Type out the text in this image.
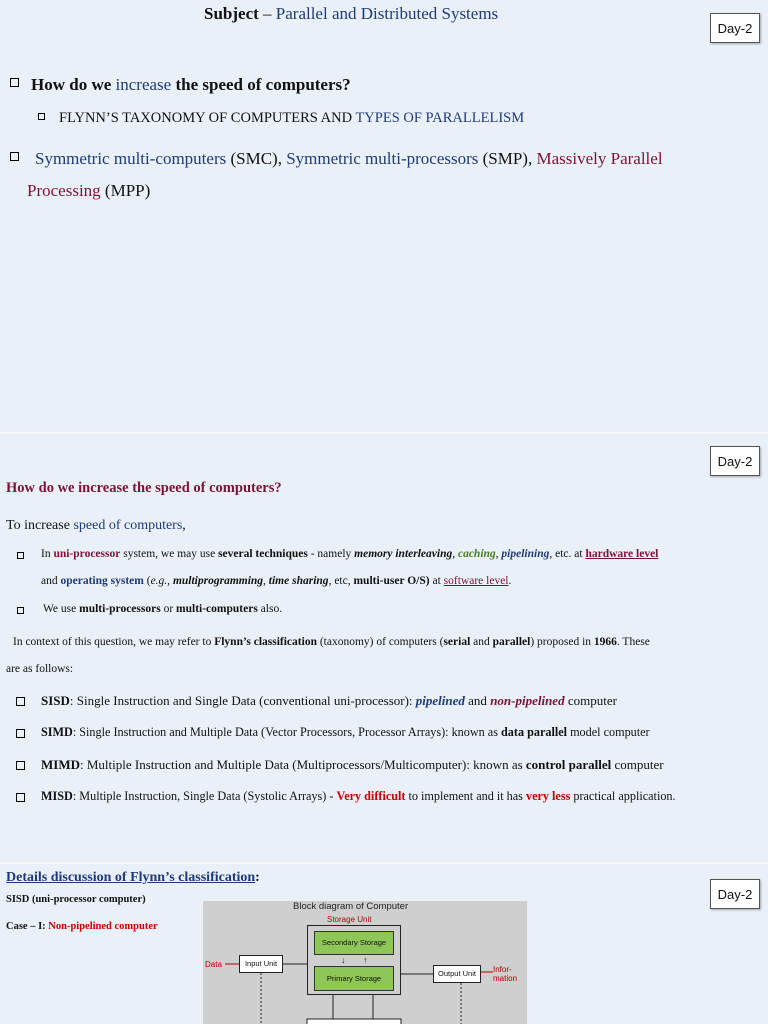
Subject – Parallel and Distributed Systems
Day-2
How do we increase the speed of computers?
FLYNN’S TAXONOMY OF COMPUTERS AND TYPES OF PARALLELISM
Symmetric multi-computers (SMC), Symmetric multi-processors (SMP), Massively Parallel
Processing (MPP)
Day-2
How do we increase the speed of computers?
To increase speed of computers,
In uni-processor system, we may use several techniques - namely memory interleaving, caching, pipelining, etc. at hardware level
and operating system (e.g., multiprogramming, time sharing, etc, multi-user O/S) at software level.
We use multi-processors or multi-computers also.
In context of this question, we may refer to Flynn’s classification (taxonomy) of computers (serial and parallel) proposed in 1966. These
are as follows:
SISD: Single Instruction and Single Data (conventional uni-processor): pipelined and non-pipelined computer
SIMD: Single Instruction and Multiple Data (Vector Processors, Processor Arrays): known as data parallel model computer
MIMD: Multiple Instruction and Multiple Data (Multiprocessors/Multicomputer): known as control parallel computer
MISD: Multiple Instruction, Single Data (Systolic Arrays) - Very difficult to implement and it has very less practical application.
Details discussion of Flynn’s classification:
Day-2
SISD (uni-processor computer)
Case – I: Non-pipelined computer
Block diagram of Computer
Storage Unit
Secondary Storage
Primary Storage
↓ ↑
Input Unit
Output Unit
Data
Infor-
mation
